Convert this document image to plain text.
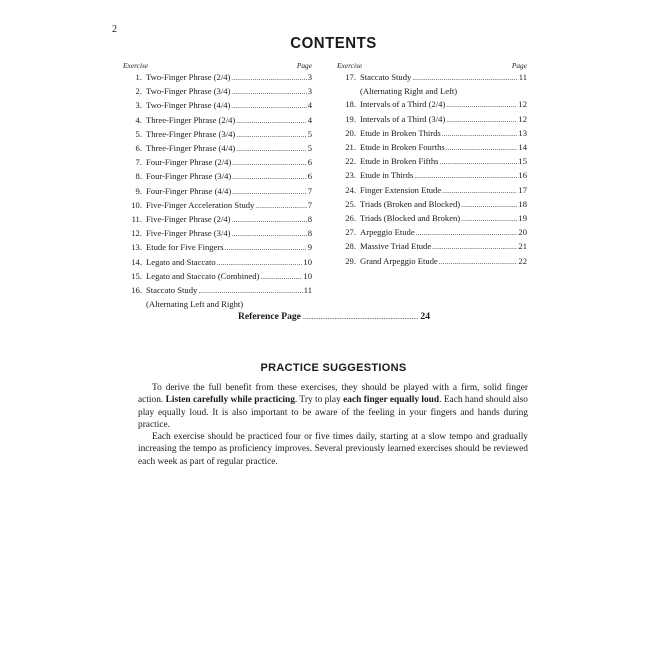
2
CONTENTS
Exercise	Page
1. Two-Finger Phrase (2/4) .....	3
2. Two-Finger Phrase (3/4) .....	3
3. Two-Finger Phrase (4/4) .....	4
4. Three-Finger Phrase (2/4) .....	4
5. Three-Finger Phrase (3/4) .....	5
6. Three-Finger Phrase (4/4) .....	5
7. Four-Finger Phrase (2/4) .....	6
8. Four-Finger Phrase (3/4) .....	6
9. Four-Finger Phrase (4/4) .....	7
10. Five-Finger Acceleration Study .....	7
11. Five-Finger Phrase (2/4) .....	8
12. Five-Finger Phrase (3/4) .....	8
13. Etude for Five Fingers .....	9
14. Legato and Staccato .....	10
15. Legato and Staccato (Combined) .....	10
16. Staccato Study .....	11
(Alternating Left and Right)
Exercise	Page
17. Staccato Study .....	11
(Alternating Right and Left)
18. Intervals of a Third (2/4) .....	12
19. Intervals of a Third (3/4) .....	12
20. Etude in Broken Thirds .....	13
21. Etude in Broken Fourths .....	14
22. Etude in Broken Fifths .....	15
23. Etude in Thirds .....	16
24. Finger Extension Etude .....	17
25. Triads (Broken and Blocked) .....	18
26. Triads (Blocked and Broken) .....	19
27. Arpeggio Etude .....	20
28. Massive Triad Etude .....	21
29. Grand Arpeggio Etude .....	22
Reference Page .....	24
PRACTICE SUGGESTIONS

To derive the full benefit from these exercises, they should be played with a firm, solid finger action. Listen carefully while practicing. Try to play each finger equally loud. Each hand should also play equally loud. It is also important to be aware of the feeling in your fingers and hands during practice.

Each exercise should be practiced four or five times daily, starting at a slow tempo and gradually increasing the tempo as proficiency improves. Several previously learned exercises should be reviewed each week as part of regular practice.
